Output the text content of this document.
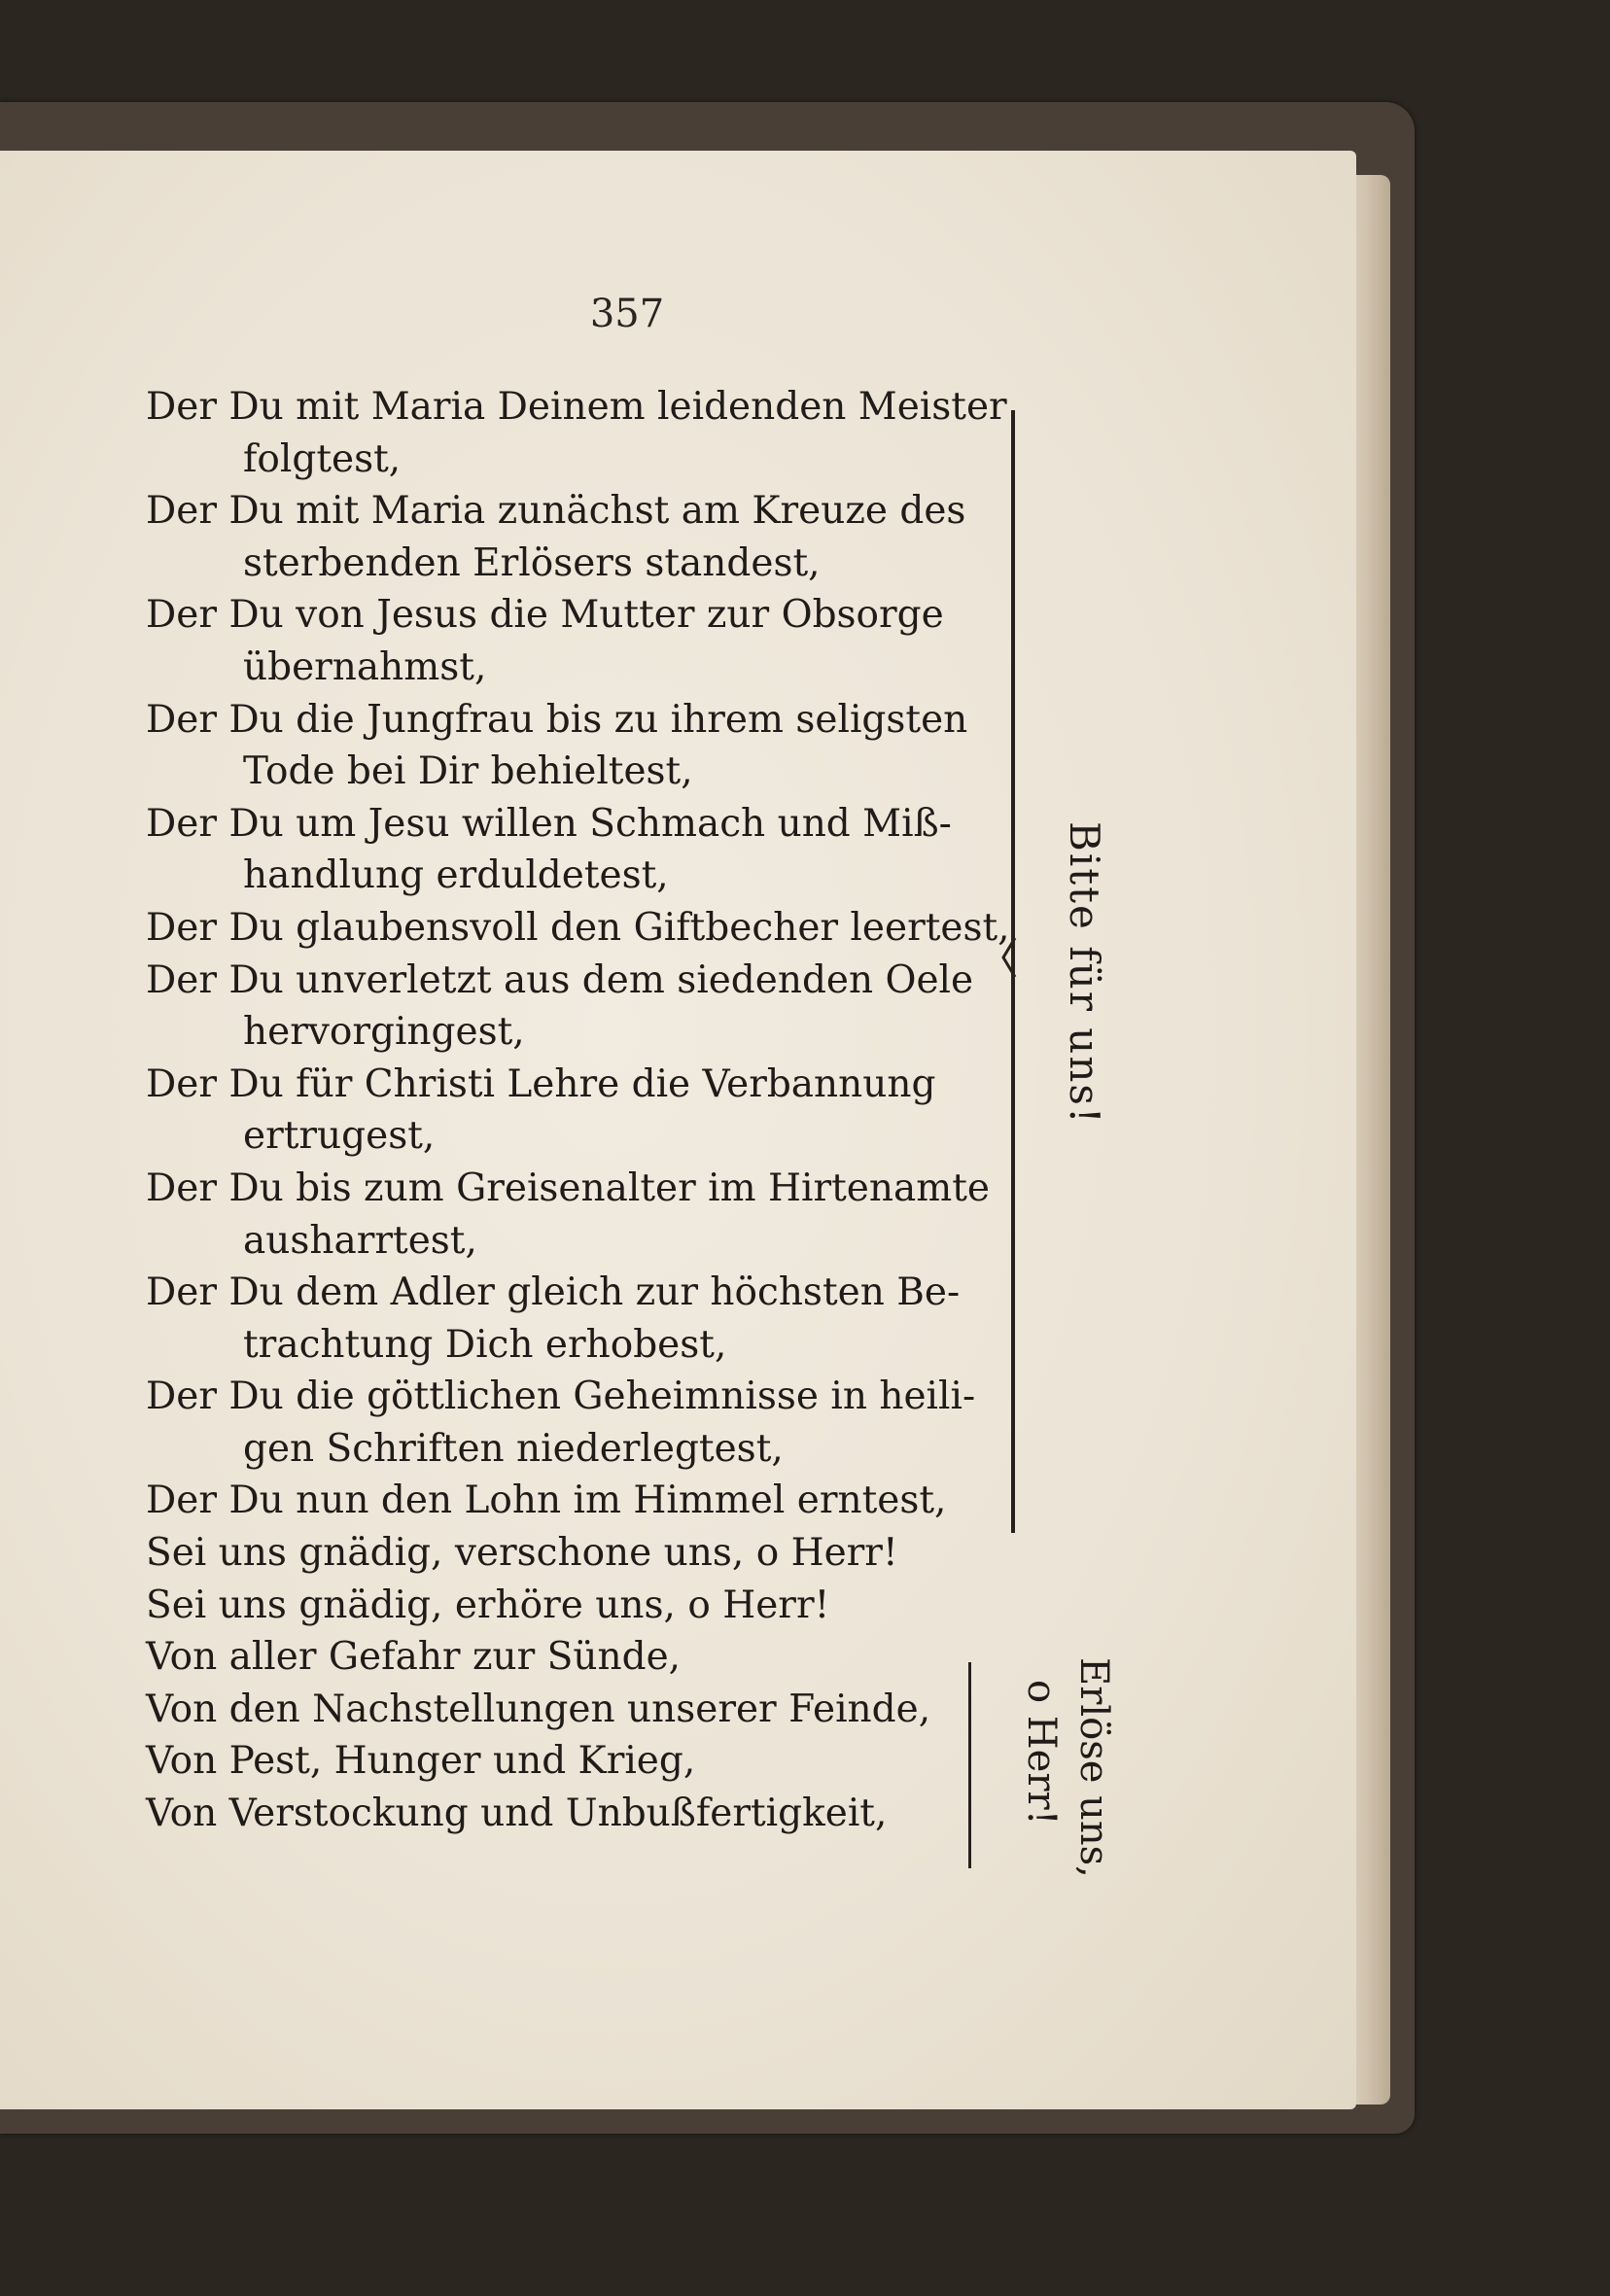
357
Der Du mit Maria Deinem leidenden Meister
folgtest,
Der Du mit Maria zunächst am Kreuze des
sterbenden Erlösers standest,
Der Du von Jesus die Mutter zur Obsorge
übernahmst,
Der Du die Jungfrau bis zu ihrem seligsten
Tode bei Dir behieltest,
Der Du um Jesu willen Schmach und Miß-
handlung erduldetest,
Der Du glaubensvoll den Giftbecher leertest,
Der Du unverletzt aus dem siedenden Oele
hervorgingest,
Der Du für Christi Lehre die Verbannung
ertrugest,
Der Du bis zum Greisenalter im Hirtenamte
ausharrtest,
Der Du dem Adler gleich zur höchsten Be-
trachtung Dich erhobest,
Der Du die göttlichen Geheimnisse in heili-
gen Schriften niederlegtest,
Der Du nun den Lohn im Himmel erntest,
Sei uns gnädig, verschone uns, o Herr!
Sei uns gnädig, erhöre uns, o Herr!
Von aller Gefahr zur Sünde,
Von den Nachstellungen unserer Feinde,
Von Pest, Hunger und Krieg,
Von Verstockung und Unbußfertigkeit,
Bitte für uns!
Erlöse uns,
o Herr!
